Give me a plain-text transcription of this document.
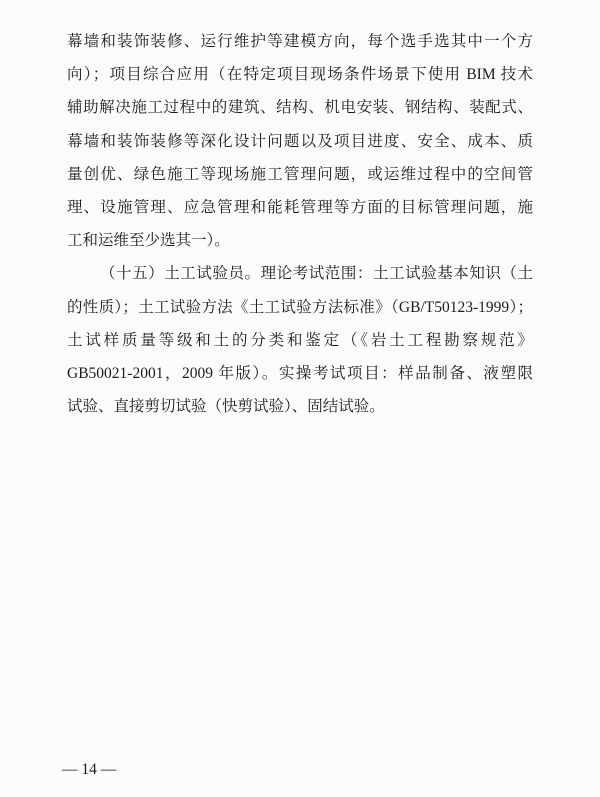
幕墙和装饰装修、运行维护等建模方向，每个选手选其中一个方
向）；项目综合应用（在特定项目现场条件场景下使用 BIM 技术
辅助解决施工过程中的建筑、结构、机电安装、钢结构、装配式、
幕墙和装饰装修等深化设计问题以及项目进度、安全、成本、质
量创优、绿色施工等现场施工管理问题，或运维过程中的空间管
理、设施管理、应急管理和能耗管理等方面的目标管理问题，施
工和运维至少选其一）。
（十五）土工试验员。理论考试范围：土工试验基本知识（土
的性质）；土工试验方法《土工试验方法标准》（GB/T50123-1999）；
土试样质量等级和土的分类和鉴定（《岩土工程勘察规范》
GB50021-2001，2009 年版）。实操考试项目：样品制备、液塑限
试验、直接剪切试验（快剪试验）、固结试验。
— 14 —
